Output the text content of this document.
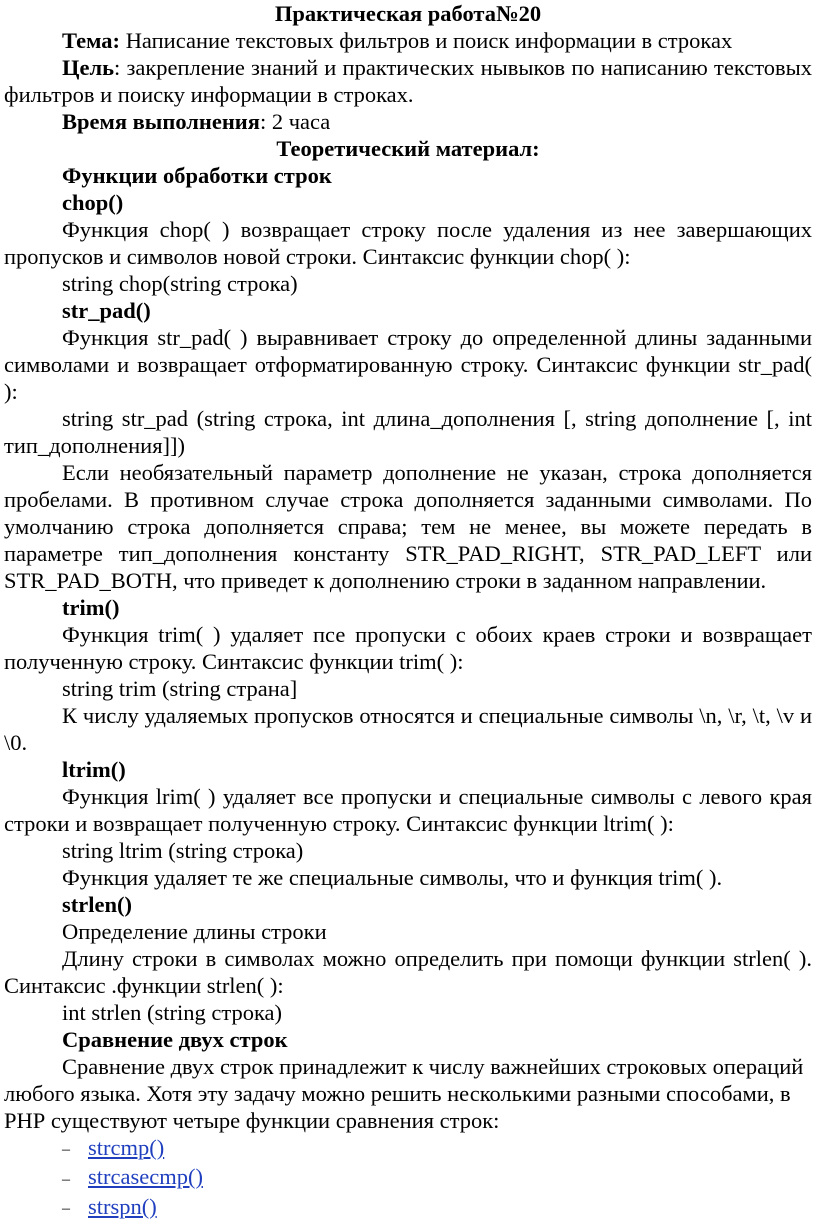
Практическая работа№20

Тема: Написание текстовых фильтров и поиск информации в строках

Цель: закрепление знаний и практических нывыков по написанию текстовых фильтров и поиску информации в строках.

Время выполнения: 2 часа

Теоретический материал:

Функции обработки строк

chop()

Функция chop( ) возвращает строку после удаления из нее завершающих пропусков и символов новой строки. Синтаксис функции chop( ):

string chop(string строка)

str_pad()

Функция str_pad( ) выравнивает строку до определенной длины заданными символами и возвращает отформатированную строку. Синтаксис функции str_pad( ):

string str_pad (string строка, int длина_дополнения [, string дополнение [, int тип_дополнения]])

Если необязательный параметр дополнение не указан, строка дополняется пробелами. В противном случае строка дополняется заданными символами. По умолчанию строка дополняется справа; тем не менее, вы можете передать в параметре тип_дополнения константу STR_PAD_RIGHT, STR_PAD_LEFT или STR_PAD_BOTH, что приведет к дополнению строки в заданном направлении.

trim()

Функция trim( ) удаляет псе пропуски с обоих краев строки и возвращает полученную строку. Синтаксис функции trim( ):

string trim (string страна]

К числу удаляемых пропусков относятся и специальные символы \n, \r, \t, \v и \0.

ltrim()

Функция lrim( ) удаляет все пропуски и специальные символы с левого края строки и возвращает полученную строку. Синтаксис функции ltrim( ):

string ltrim (string строка)

Функция удаляет те же специальные символы, что и функция trim( ).

strlen()

Определение длины строки

Длину строки в символах можно определить при помощи функции strlen( ). Синтаксис .функции strlen( ):

int strlen (string строка)

Сравнение двух строк

Сравнение двух строк принадлежит к числу важнейших строковых операций любого языка. Хотя эту задачу можно решить несколькими разными способами, в РНР существуют четыре функции сравнения строк:

– strcmp()
– strcasecmp()
– strspn()
